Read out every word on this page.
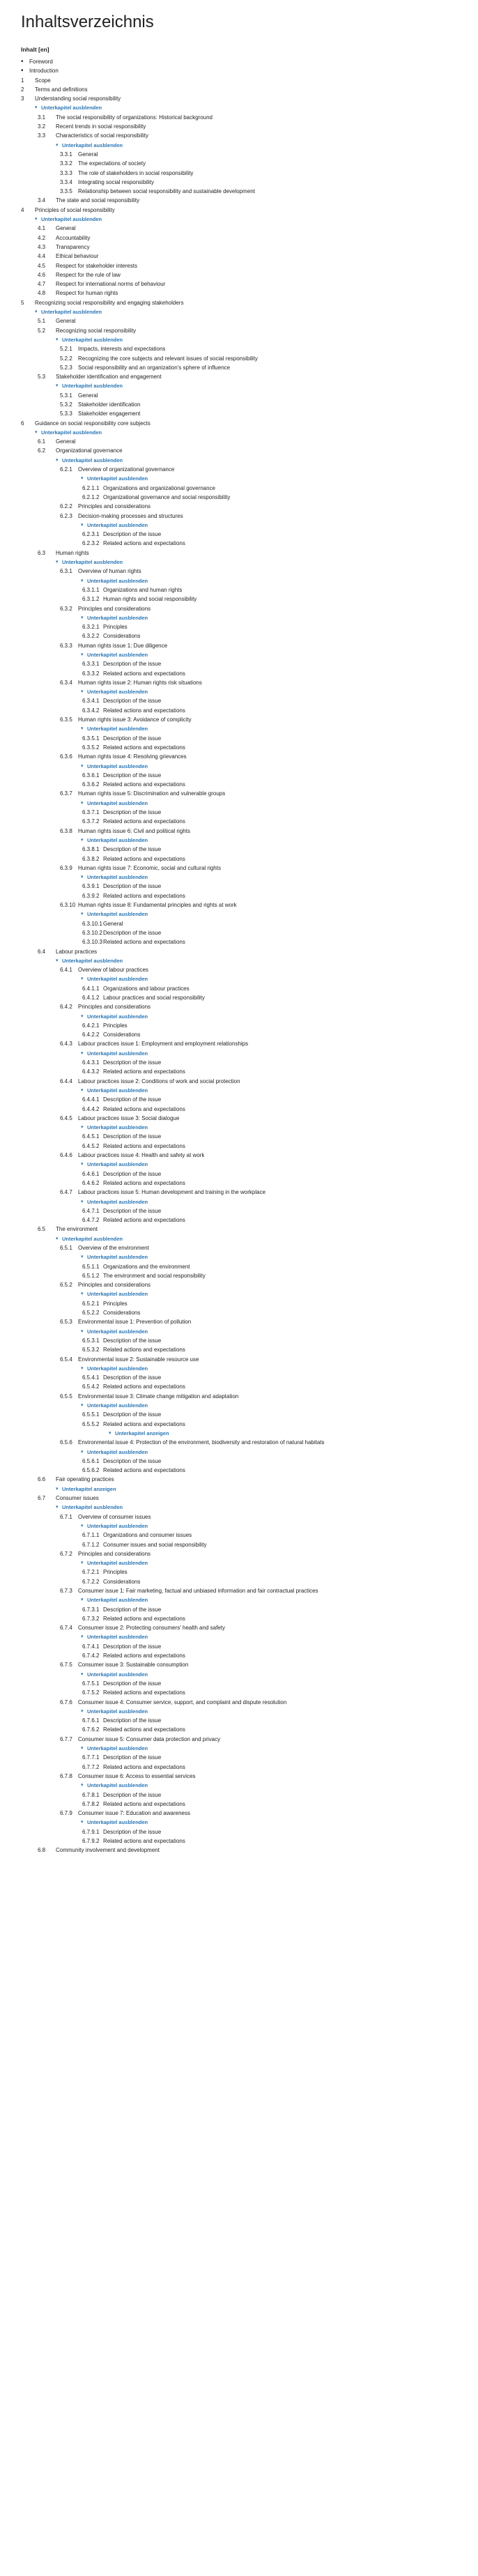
Inhaltsverzeichnis
Inhalt [en]
• Foreword
• Introduction
1 Scope
2 Terms and definitions
3 Understanding social responsibility
▾ Unterkapitel ausblenden
3.1 The social responsibility of organizations: Historical background
3.2 Recent trends in social responsibility
3.3 Characteristics of social responsibility
▾ Unterkapitel ausblenden
3.3.1 General
3.3.2 The expectations of society
3.3.3 The role of stakeholders in social responsibility
3.3.4 Integrating social responsibility
3.3.5 Relationship between social responsibility and sustainable development
3.4 The state and social responsibility
4 Principles of social responsibility
▾ Unterkapitel ausblenden
4.1 General
4.2 Accountability
4.3 Transparency
4.4 Ethical behaviour
4.5 Respect for stakeholder interests
4.6 Respect for the rule of law
4.7 Respect for international norms of behaviour
4.8 Respect for human rights
5 Recognizing social responsibility and engaging stakeholders
▾ Unterkapitel ausblenden
5.1 General
5.2 Recognizing social responsibility
▾ Unterkapitel ausblenden
5.2.1 Impacts, interests and expectations
5.2.2 Recognizing the core subjects and relevant issues of social responsibility
5.2.3 Social responsibility and an organization's sphere of influence
5.3 Stakeholder identification and engagement
▾ Unterkapitel ausblenden
5.3.1 General
5.3.2 Stakeholder identification
5.3.3 Stakeholder engagement
6 Guidance on social responsibility core subjects
▾ Unterkapitel ausblenden
6.1 General
6.2 Organizational governance
▾ Unterkapitel ausblenden
6.2.1 Overview of organizational governance
▾ Unterkapitel ausblenden
6.2.1.1 Organizations and organizational governance
6.2.1.2 Organizational governance and social responsibility
6.2.2 Principles and considerations
6.2.3 Decision-making processes and structures
▾ Unterkapitel ausblenden
6.2.3.1 Description of the issue
6.2.3.2 Related actions and expectations
6.3 Human rights
▾ Unterkapitel ausblenden
6.3.1 Overview of human rights
▾ Unterkapitel ausblenden
6.3.1.1 Organizations and human rights
6.3.1.2 Human rights and social responsibility
6.3.2 Principles and considerations
▾ Unterkapitel ausblenden
6.3.2.1 Principles
6.3.2.2 Considerations
6.3.3 Human rights issue 1: Due diligence
▾ Unterkapitel ausblenden
6.3.3.1 Description of the issue
6.3.3.2 Related actions and expectations
6.3.4 Human rights issue 2: Human rights risk situations
▾ Unterkapitel ausblenden
6.3.4.1 Description of the issue
6.3.4.2 Related actions and expectations
6.3.5 Human rights issue 3: Avoidance of complicity
▾ Unterkapitel ausblenden
6.3.5.1 Description of the issue
6.3.5.2 Related actions and expectations
6.3.6 Human rights issue 4: Resolving grievances
▾ Unterkapitel ausblenden
6.3.6.1 Description of the issue
6.3.6.2 Related actions and expectations
6.3.7 Human rights issue 5: Discrimination and vulnerable groups
▾ Unterkapitel ausblenden
6.3.7.1 Description of the issue
6.3.7.2 Related actions and expectations
6.3.8 Human rights issue 6: Civil and political rights
▾ Unterkapitel ausblenden
6.3.8.1 Description of the issue
6.3.8.2 Related actions and expectations
6.3.9 Human rights issue 7: Economic, social and cultural rights
▾ Unterkapitel ausblenden
6.3.9.1 Description of the issue
6.3.9.2 Related actions and expectations
6.3.10 Human rights issue 8: Fundamental principles and rights at work
▾ Unterkapitel ausblenden
6.3.10.1 General
6.3.10.2 Description of the issue
6.3.10.3 Related actions and expectations
6.4 Labour practices
▾ Unterkapitel ausblenden
6.4.1 Overview of labour practices
▾ Unterkapitel ausblenden
6.4.1.1 Organizations and labour practices
6.4.1.2 Labour practices and social responsibility
6.4.2 Principles and considerations
▾ Unterkapitel ausblenden
6.4.2.1 Principles
6.4.2.2 Considerations
6.4.3 Labour practices issue 1: Employment and employment relationships
▾ Unterkapitel ausblenden
6.4.3.1 Description of the issue
6.4.3.2 Related actions and expectations
6.4.4 Labour practices issue 2: Conditions of work and social protection
▾ Unterkapitel ausblenden
6.4.4.1 Description of the issue
6.4.4.2 Related actions and expectations
6.4.5 Labour practices issue 3: Social dialogue
▾ Unterkapitel ausblenden
6.4.5.1 Description of the issue
6.4.5.2 Related actions and expectations
6.4.6 Labour practices issue 4: Health and safety at work
▾ Unterkapitel ausblenden
6.4.6.1 Description of the issue
6.4.6.2 Related actions and expectations
6.4.7 Labour practices issue 5: Human development and training in the workplace
▾ Unterkapitel ausblenden
6.4.7.1 Description of the issue
6.4.7.2 Related actions and expectations
6.5 The environment
▾ Unterkapitel ausblenden
6.5.1 Overview of the environment
▾ Unterkapitel ausblenden
6.5.1.1 Organizations and the environment
6.5.1.2 The environment and social responsibility
6.5.2 Principles and considerations
▾ Unterkapitel ausblenden
6.5.2.1 Principles
6.5.2.2 Considerations
6.5.3 Environmental issue 1: Prevention of pollution
▾ Unterkapitel ausblenden
6.5.3.1 Description of the issue
6.5.3.2 Related actions and expectations
6.5.4 Environmental issue 2: Sustainable resource use
▾ Unterkapitel ausblenden
6.5.4.1 Description of the issue
6.5.4.2 Related actions and expectations
6.5.5 Environmental issue 3: Climate change mitigation and adaptation
▾ Unterkapitel ausblenden
6.5.5.1 Description of the issue
6.5.5.2 Related actions and expectations
▾ Unterkapitel anzeigen
6.5.6 Environmental issue 4: Protection of the environment, biodiversity and restoration of natural habitats
▾ Unterkapitel ausblenden
6.5.6.1 Description of the issue
6.5.6.2 Related actions and expectations
6.6 Fair operating practices
▾ Unterkapitel anzeigen
6.7 Consumer issues
▾ Unterkapitel ausblenden
6.7.1 Overview of consumer issues
▾ Unterkapitel ausblenden
6.7.1.1 Organizations and consumer issues
6.7.1.2 Consumer issues and social responsibility
6.7.2 Principles and considerations
▾ Unterkapitel ausblenden
6.7.2.1 Principles
6.7.2.2 Considerations
6.7.3 Consumer issue 1: Fair marketing, factual and unbiased information and fair contractual practices
▾ Unterkapitel ausblenden
6.7.3.1 Description of the issue
6.7.3.2 Related actions and expectations
6.7.4 Consumer issue 2: Protecting consumers' health and safety
▾ Unterkapitel ausblenden
6.7.4.1 Description of the issue
6.7.4.2 Related actions and expectations
6.7.5 Consumer issue 3: Sustainable consumption
▾ Unterkapitel ausblenden
6.7.5.1 Description of the issue
6.7.5.2 Related actions and expectations
6.7.6 Consumer issue 4: Consumer service, support, and complaint and dispute resolution
▾ Unterkapitel ausblenden
6.7.6.1 Description of the issue
6.7.6.2 Related actions and expectations
6.7.7 Consumer issue 5: Consumer data protection and privacy
▾ Unterkapitel ausblenden
6.7.7.1 Description of the issue
6.7.7.2 Related actions and expectations
6.7.8 Consumer issue 6: Access to essential services
▾ Unterkapitel ausblenden
6.7.8.1 Description of the issue
6.7.8.2 Related actions and expectations
6.7.9 Consumer issue 7: Education and awareness
▾ Unterkapitel ausblenden
6.7.9.1 Description of the issue
6.7.9.2 Related actions and expectations
6.8 Community involvement and development
